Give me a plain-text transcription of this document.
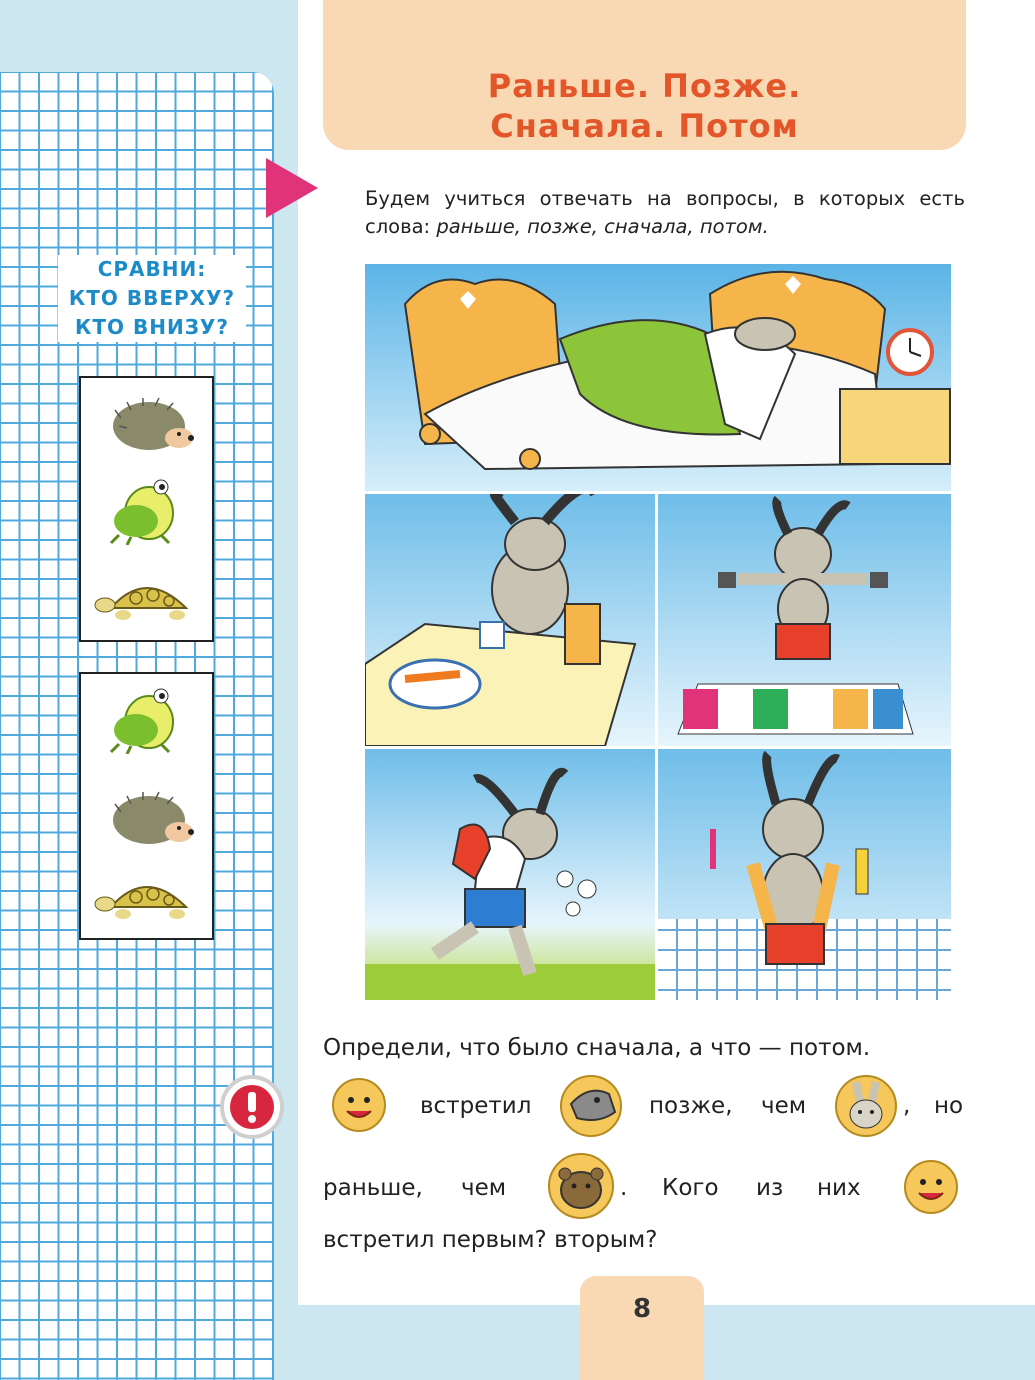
СРАВНИ:
КТО ВВЕРХУ?
КТО ВНИЗУ?
Раньше. Позже.
Сначала. Потом
Будем учиться отвечать на вопросы, в которых есть слова: раньше, позже, сначала, потом.
Определи, что было сначала, а что — потом.
встретил	позже, чем	, но
раньше, чем	. Кого из них
встретил первым? вторым?
8
